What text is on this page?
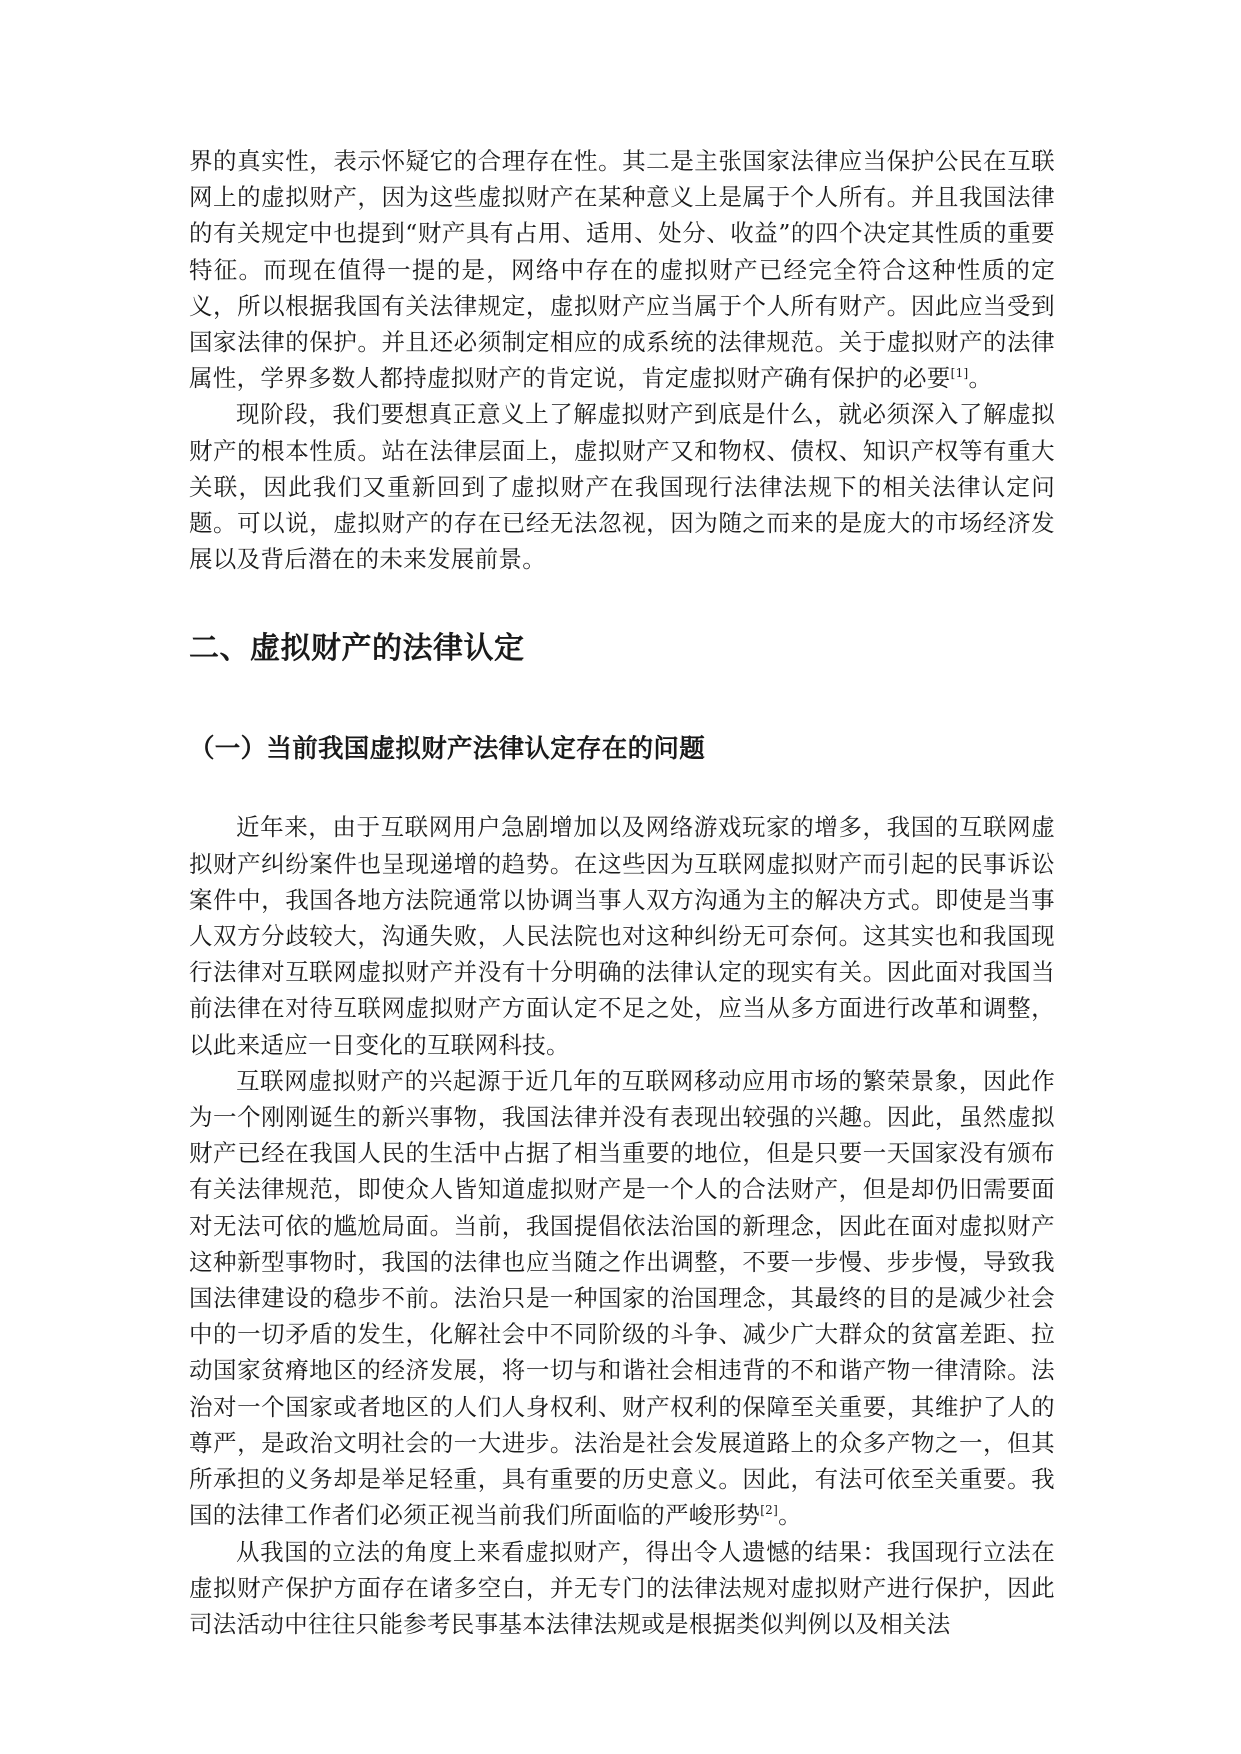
界的真实性，表示怀疑它的合理存在性。其二是主张国家法律应当保护公民在互联网上的虚拟财产，因为这些虚拟财产在某种意义上是属于个人所有。并且我国法律的有关规定中也提到“财产具有占用、适用、处分、收益”的四个决定其性质的重要特征。而现在值得一提的是，网络中存在的虚拟财产已经完全符合这种性质的定义，所以根据我国有关法律规定，虚拟财产应当属于个人所有财产。因此应当受到国家法律的保护。并且还必须制定相应的成系统的法律规范。关于虚拟财产的法律属性，学界多数人都持虚拟财产的肯定说，肯定虚拟财产确有保护的必要[1]。

现阶段，我们要想真正意义上了解虚拟财产到底是什么，就必须深入了解虚拟财产的根本性质。站在法律层面上，虚拟财产又和物权、债权、知识产权等有重大关联，因此我们又重新回到了虚拟财产在我国现行法律法规下的相关法律认定问题。可以说，虚拟财产的存在已经无法忽视，因为随之而来的是庞大的市场经济发展以及背后潜在的未来发展前景。

二、虚拟财产的法律认定
（一）当前我国虚拟财产法律认定存在的问题

近年来，由于互联网用户急剧增加以及网络游戏玩家的增多，我国的互联网虚拟财产纠纷案件也呈现递增的趋势。在这些因为互联网虚拟财产而引起的民事诉讼案件中，我国各地方法院通常以协调当事人双方沟通为主的解决方式。即使是当事人双方分歧较大，沟通失败，人民法院也对这种纠纷无可奈何。这其实也和我国现行法律对互联网虚拟财产并没有十分明确的法律认定的现实有关。因此面对我国当前法律在对待互联网虚拟财产方面认定不足之处，应当从多方面进行改革和调整，以此来适应一日变化的互联网科技。

互联网虚拟财产的兴起源于近几年的互联网移动应用市场的繁荣景象，因此作为一个刚刚诞生的新兴事物，我国法律并没有表现出较强的兴趣。因此，虽然虚拟财产已经在我国人民的生活中占据了相当重要的地位，但是只要一天国家没有颁布有关法律规范，即使众人皆知道虚拟财产是一个人的合法财产，但是却仍旧需要面对无法可依的尴尬局面。当前，我国提倡依法治国的新理念，因此在面对虚拟财产这种新型事物时，我国的法律也应当随之作出调整，不要一步慢、步步慢，导致我国法律建设的稳步不前。法治只是一种国家的治国理念，其最终的目的是减少社会中的一切矛盾的发生，化解社会中不同阶级的斗争、减少广大群众的贫富差距、拉动国家贫瘠地区的经济发展，将一切与和谐社会相违背的不和谐产物一律清除。法治对一个国家或者地区的人们人身权利、财产权利的保障至关重要，其维护了人的尊严，是政治文明社会的一大进步。法治是社会发展道路上的众多产物之一，但其所承担的义务却是举足轻重，具有重要的历史意义。因此，有法可依至关重要。我国的法律工作者们必须正视当前我们所面临的严峻形势[2]。

从我国的立法的角度上来看虚拟财产，得出令人遗憾的结果：我国现行立法在虚拟财产保护方面存在诸多空白，并无专门的法律法规对虚拟财产进行保护，因此司法活动中往往只能参考民事基本法律法规或是根据类似判例以及相关法
